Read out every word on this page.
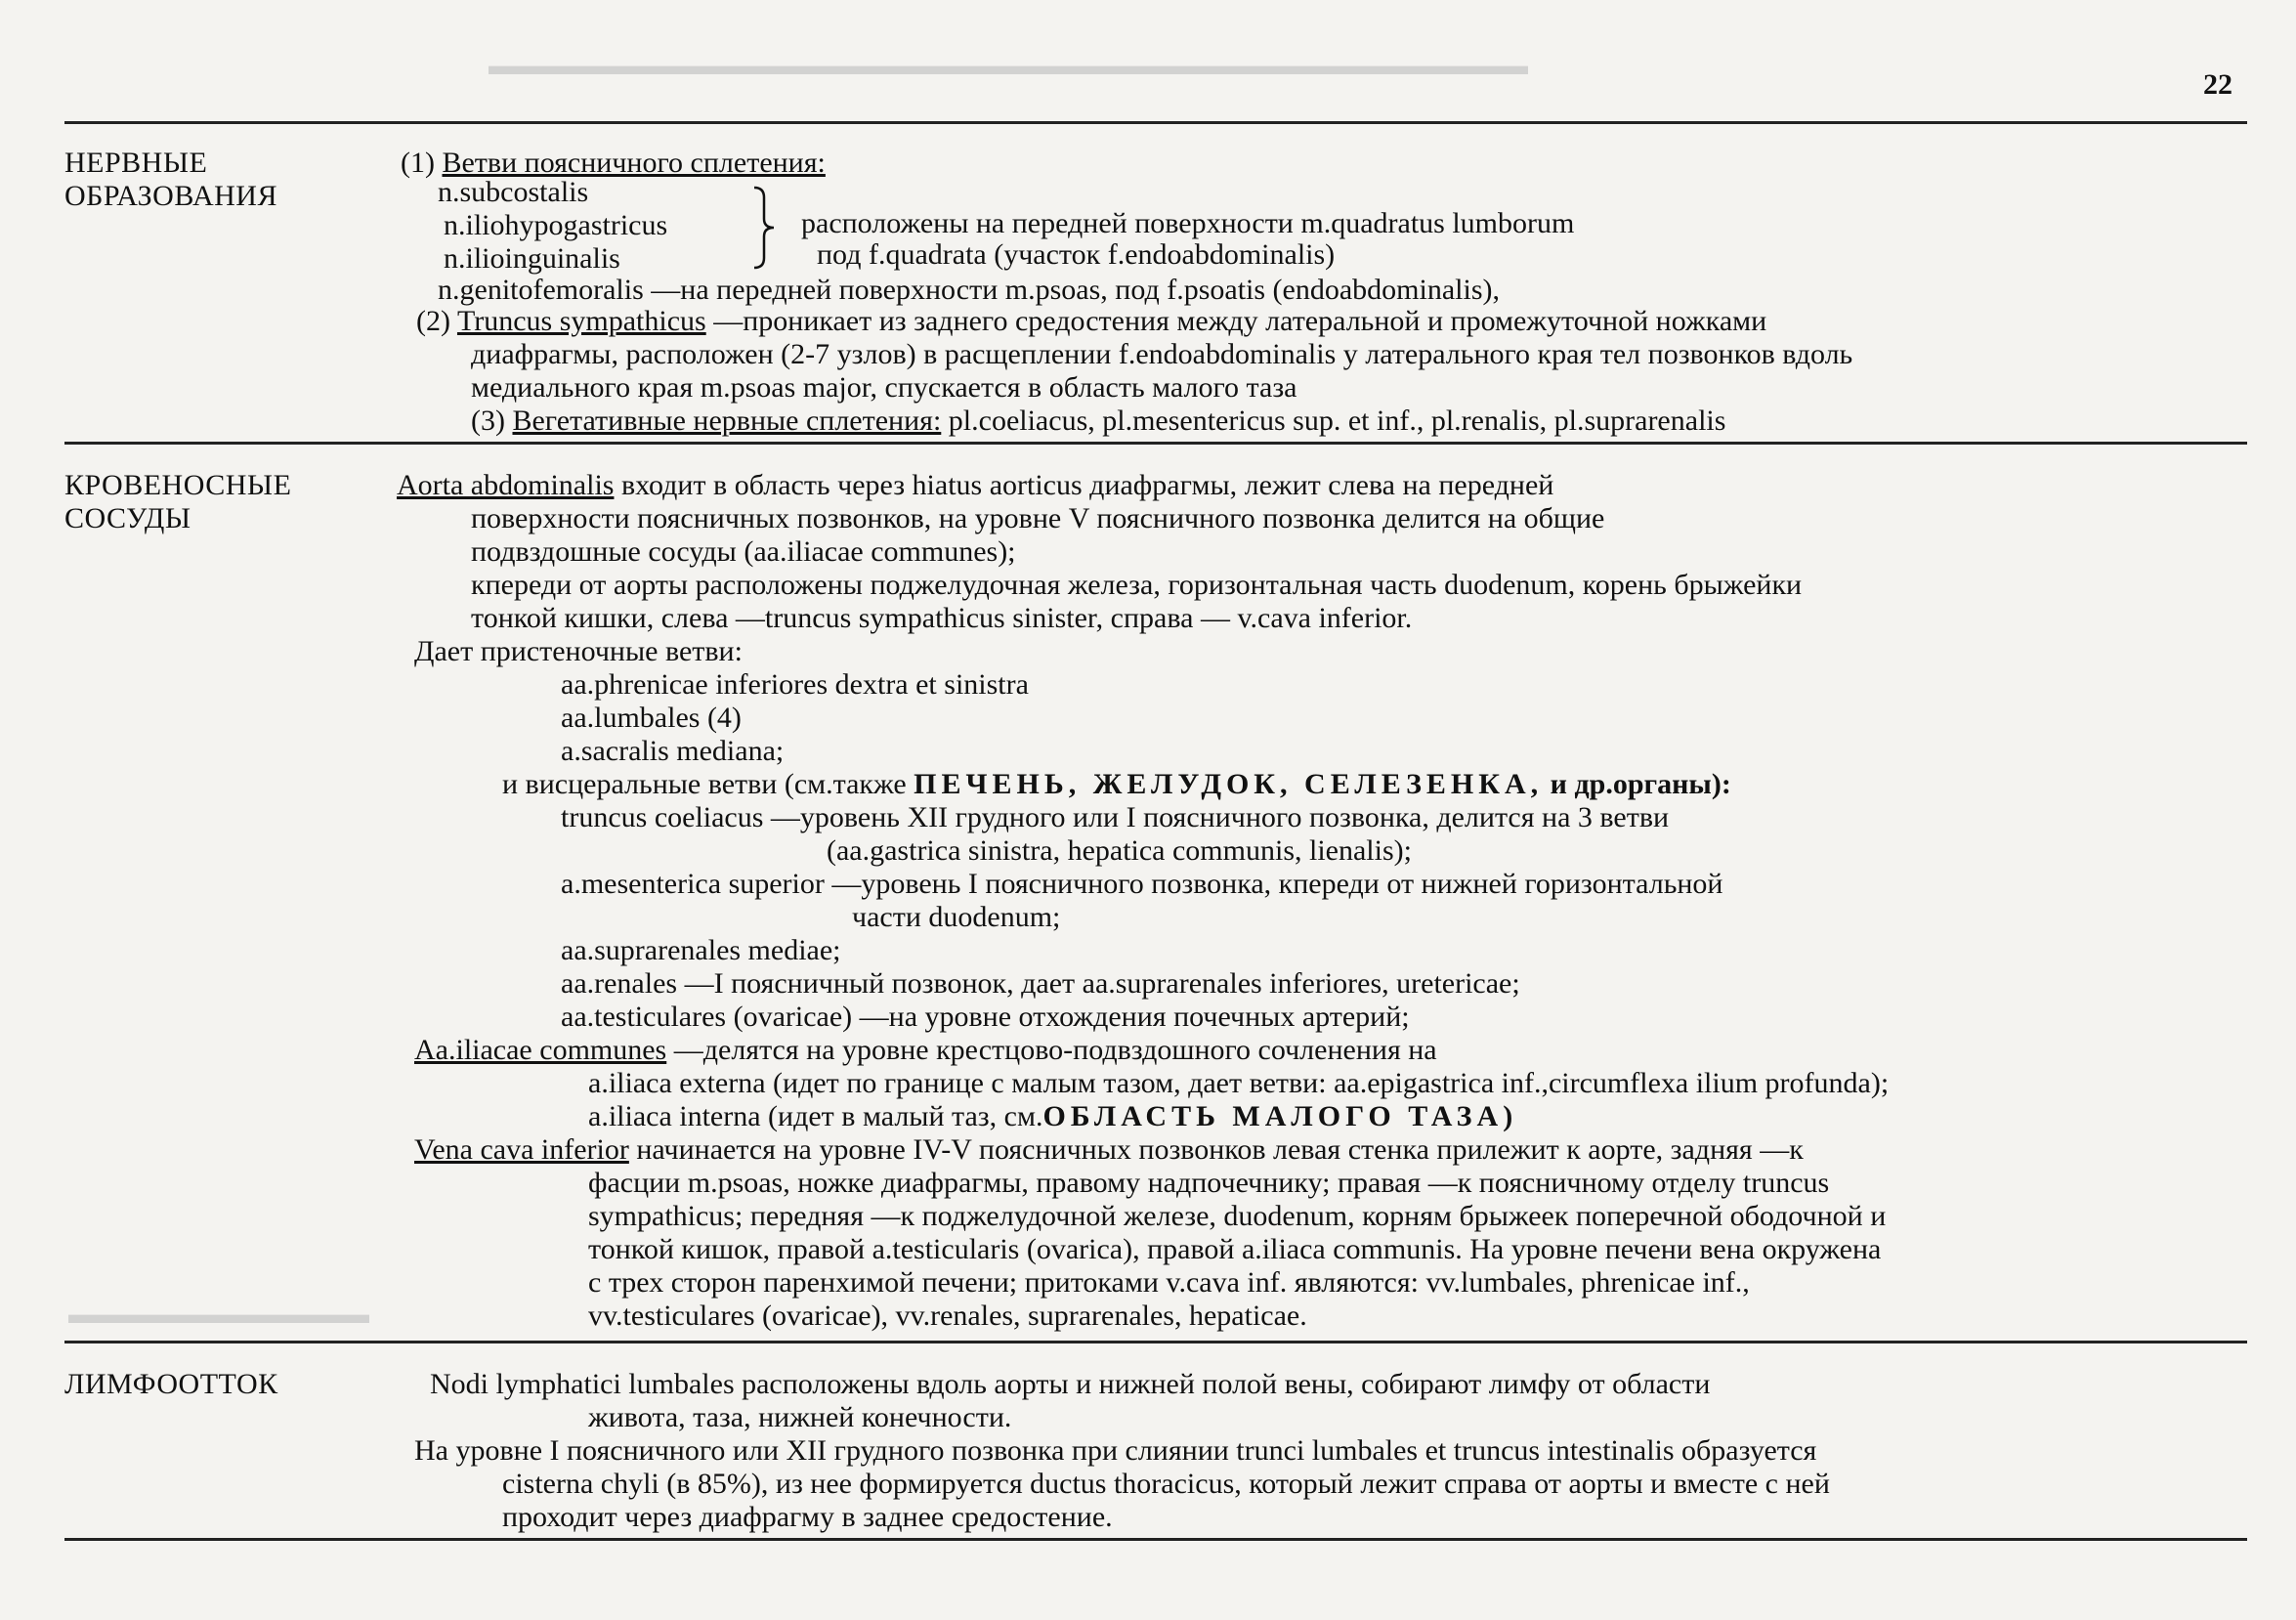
▬▬▬▬▬▬▬▬▬▬▬▬▬▬▬▬▬▬▬▬▬▬▬▬▬▬▬▬▬▬▬▬▬▬▬▬▬▬
▬▬▬▬▬▬▬▬▬▬▬
22
НЕРВНЫЕ
ОБРАЗОВАНИЯ
(1) Ветви поясничного сплетения:
n.subcostalis
n.iliohypogastricus
n.ilioinguinalis
расположены на передней поверхности m.quadratus lumborum
под f.quadrata (участок f.endoabdominalis)
n.genitofemoralis —на передней поверхности m.psoas, под f.psoatis (endoabdominalis),
(2) Truncus sympathicus —проникает из заднего средостения между латеральной и промежуточной ножками
диафрагмы, расположен (2-7 узлов) в расщеплении f.endoabdominalis у латерального края тел позвонков вдоль
медиального края m.psoas major, спускается в область малого таза
(3) Вегетативные нервные сплетения: pl.coeliacus, pl.mesentericus sup. et inf., pl.renalis, pl.suprarenalis
КРОВЕНОСНЫЕ
СОСУДЫ
Aorta abdominalis входит в область через hiatus aorticus диафрагмы, лежит слева на передней
поверхности поясничных позвонков, на уровне V поясничного позвонка делится на общие
подвздошные сосуды (aa.iliacae communes);
кпереди от аорты расположены поджелудочная железа, горизонтальная часть duodenum, корень брыжейки
тонкой кишки, слева —truncus sympathicus sinister, справа — v.cava inferior.
Дает пристеночные ветви:
aa.phrenicae inferiores dextra et sinistra
aa.lumbales (4)
a.sacralis mediana;
и висцеральные ветви (см.также ПЕЧЕНЬ, ЖЕЛУДОК, СЕЛЕЗЕНКА, и др.органы):
truncus coeliacus —уровень XII грудного или I поясничного позвонка, делится на 3 ветви
(aa.gastrica sinistra, hepatica communis, lienalis);
a.mesenterica superior —уровень I поясничного позвонка, кпереди от нижней горизонтальной
части duodenum;
aa.suprarenales mediae;
aa.renales —I поясничный позвонок, дает aa.suprarenales inferiores, uretericae;
aa.testiculares (ovaricae) —на уровне отхождения почечных артерий;
Aa.iliacae communes —делятся на уровне крестцово-подвздошного сочленения на
a.iliaca externa (идет по границе с малым тазом, дает ветви: aa.epigastrica inf.,circumflexa ilium profunda);
a.iliaca interna (идет в малый таз, см.ОБЛАСТЬ МАЛОГО ТАЗА)
Vena cava inferior начинается на уровне IV-V поясничных позвонков левая стенка прилежит к аорте, задняя —к
фасции m.psoas, ножке диафрагмы, правому надпочечнику; правая —к поясничному отделу truncus
sympathicus; передняя —к поджелудочной железе, duodenum, корням брыжеек поперечной ободочной и
тонкой кишок, правой a.testicularis (ovarica), правой a.iliaca communis. На уровне печени вена окружена
с трех сторон паренхимой печени; притоками v.cava inf. являются: vv.lumbales, phrenicae inf.,
vv.testiculares (ovaricae), vv.renales, suprarenales, hepaticae.
ЛИМФООТТОК	Nodi lymphatici lumbales расположены вдоль аорты и нижней полой вены, собирают лимфу от области
живота, таза, нижней конечности.
На уровне I поясничного или XII грудного позвонка при слиянии trunci lumbales et truncus intestinalis образуется
cisterna chyli (в 85%), из нее формируется ductus thoracicus, который лежит справа от аорты и вместе с ней
проходит через диафрагму в заднее средостение.
